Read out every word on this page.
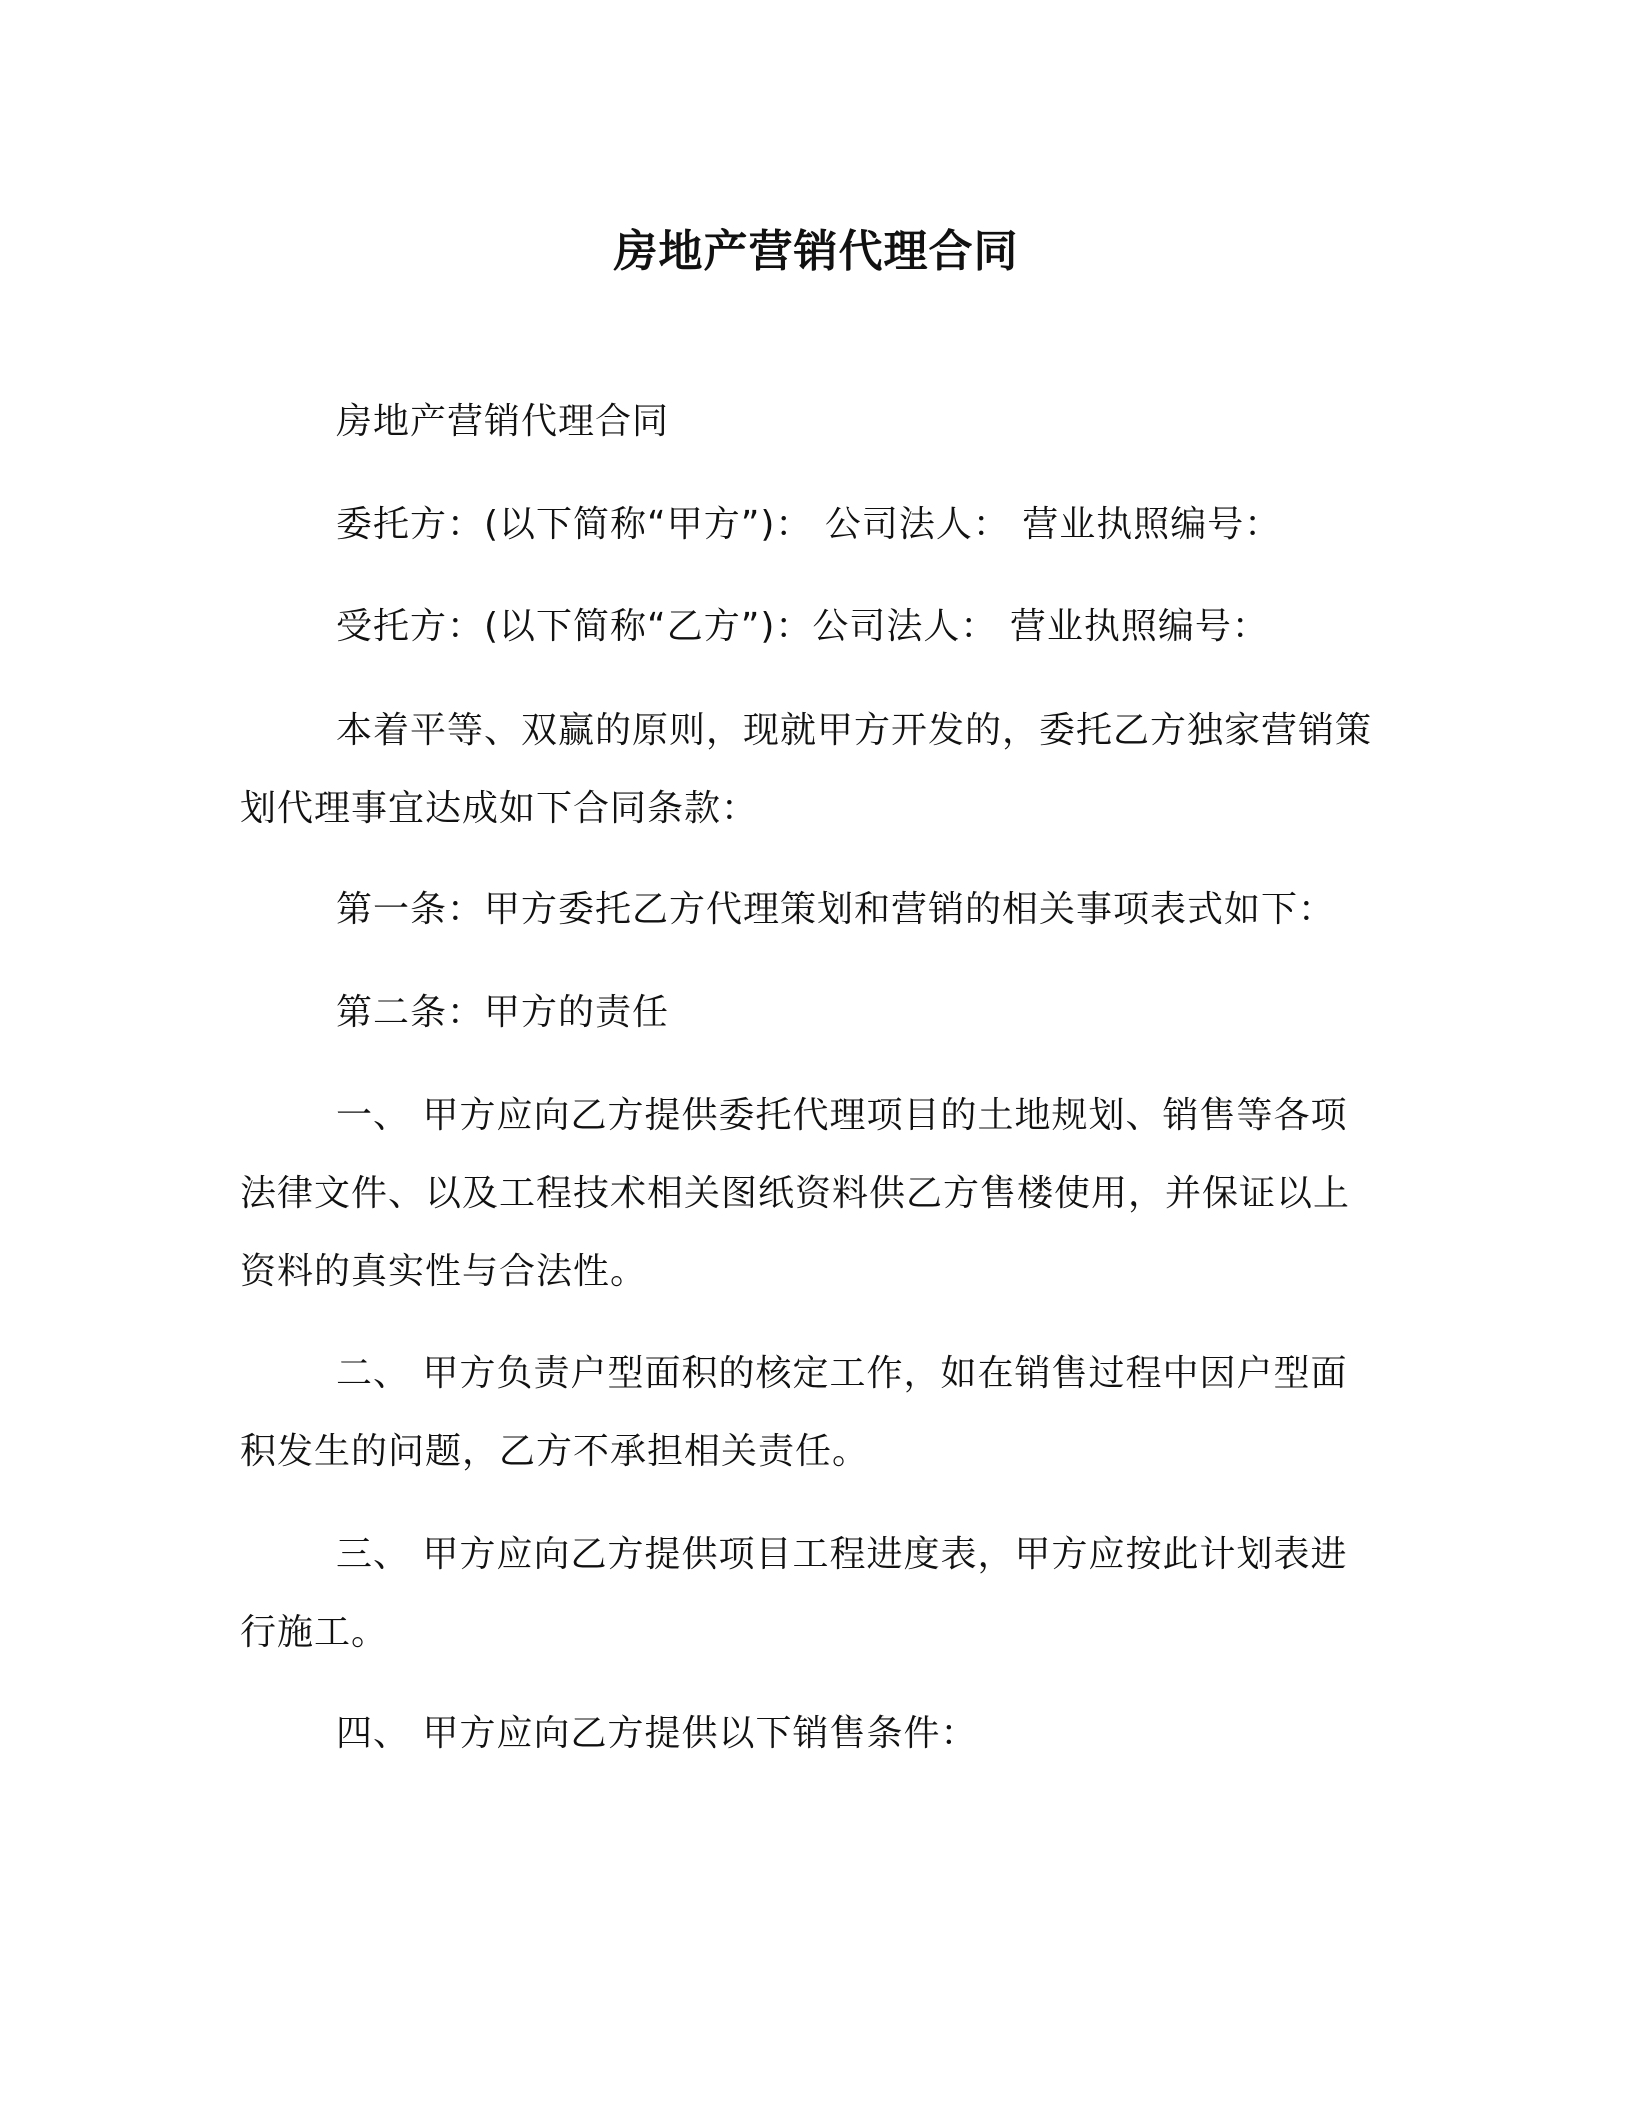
房地产营销代理合同

房地产营销代理合同

委托方：(以下简称“甲方”)： 公司法人： 营业执照编号：

受托方：(以下简称“乙方”)：公司法人： 营业执照编号：

本着平等、双赢的原则，现就甲方开发的，委托乙方独家营销策划代理事宜达成如下合同条款：

第一条：甲方委托乙方代理策划和营销的相关事项表式如下：

第二条：甲方的责任

一、 甲方应向乙方提供委托代理项目的土地规划、销售等各项法律文件、以及工程技术相关图纸资料供乙方售楼使用，并保证以上资料的真实性与合法性。

二、 甲方负责户型面积的核定工作，如在销售过程中因户型面积发生的问题，乙方不承担相关责任。

三、 甲方应向乙方提供项目工程进度表，甲方应按此计划表进行施工。

四、 甲方应向乙方提供以下销售条件：
